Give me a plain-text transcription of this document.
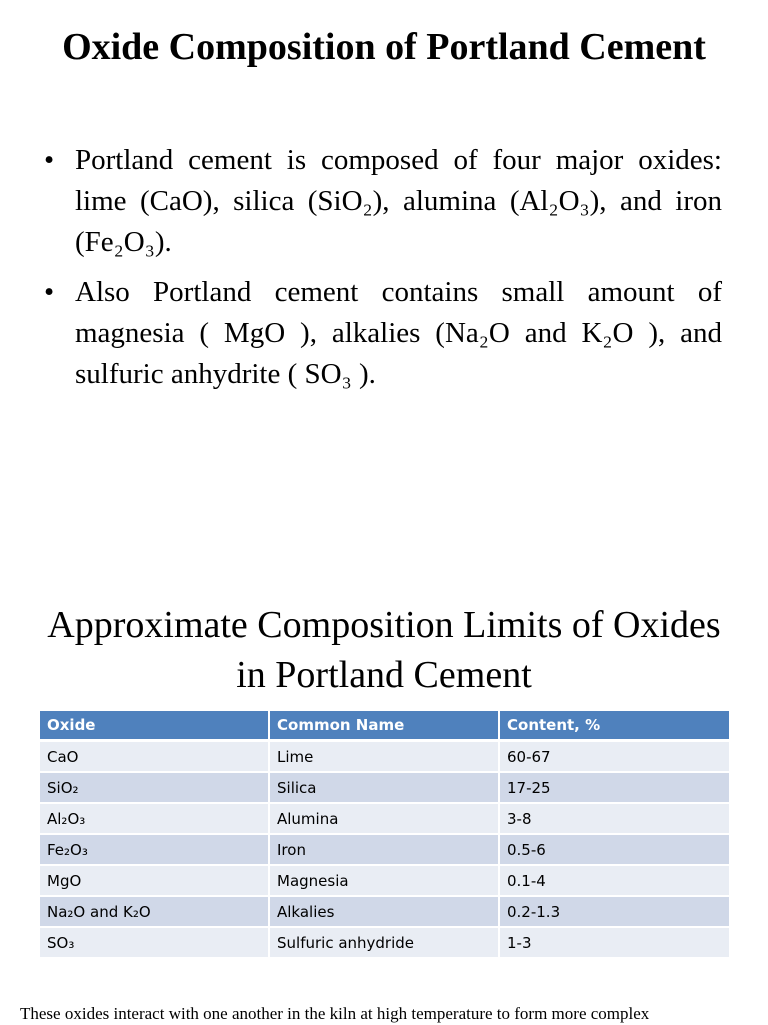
Oxide Composition of Portland Cement
• Portland cement is composed of four major oxides: lime (CaO), silica (SiO₂), alumina (Al₂O₃), and iron (Fe₂O₃).
• Also Portland cement contains small amount of magnesia ( MgO ), alkalies (Na₂O and K₂O ), and sulfuric anhydrite ( SO₃ ).
Approximate Composition Limits of Oxides in Portland Cement
Oxide	Common Name	Content, %
CaO	Lime	60-67
SiO₂	Silica	17-25
Al₂O₃	Alumina	3-8
Fe₂O₃	Iron	0.5-6
MgO	Magnesia	0.1-4
Na₂O and K₂O	Alkalies	0.2-1.3
SO₃	Sulfuric anhydride	1-3
These oxides interact with one another in the kiln at high temperature to form more complex
